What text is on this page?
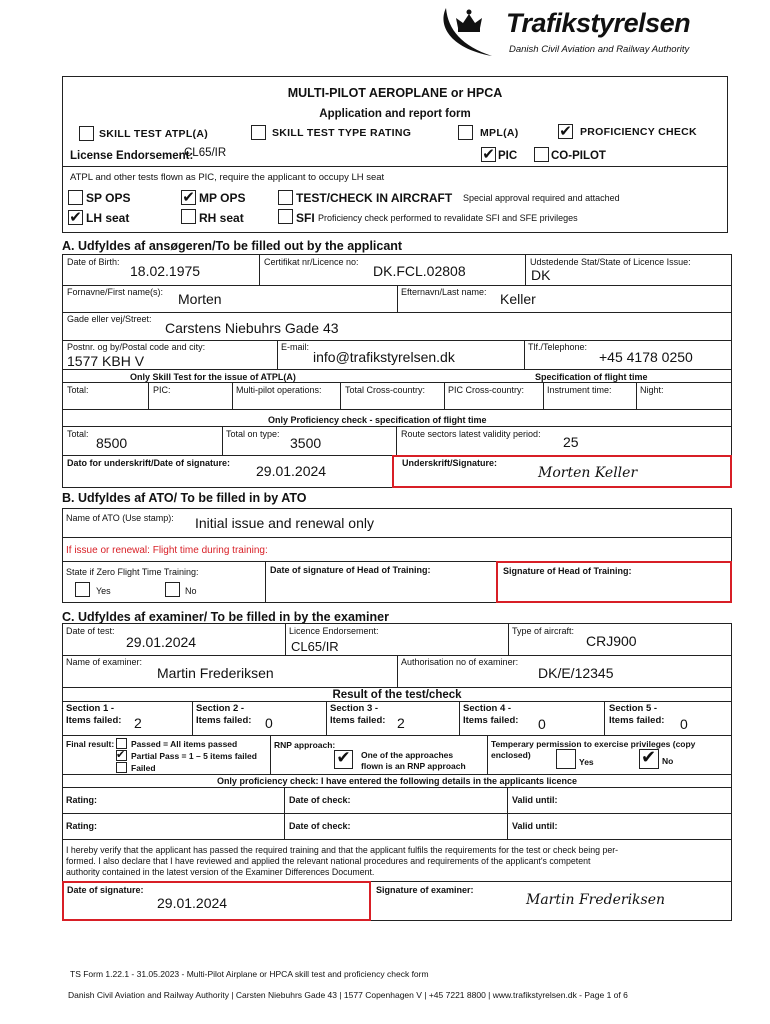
Trafikstyrelsen
Danish Civil Aviation and Railway Authority
MULTI-PILOT AEROPLANE or HPCA
Application and report form
SKILL TEST ATPL(A)	SKILL TEST TYPE RATING	MPL(A)	✔ PROFICIENCY CHECK
License Endorsement:
CL65/IR	✔ PIC	CO-PILOT
ATPL and other tests flown as PIC, require the applicant to occupy LH seat
SP OPS	✔ MP OPS	TEST/CHECK IN AIRCRAFT Special approval required and attached
✔ LH seat	RH seat	SFI Proficiency check performed to revalidate SFI and SFE privileges
A. Udfyldes af ansøgeren/To be filled out by the applicant
Date of Birth:
18.02.1975
Certifikat nr/Licence no:
DK.FCL.02808
Udstedende Stat/State of Licence Issue:
DK
Fornavne/First name(s): Morten	Efternavn/Last name: Keller
Gade eller vej/Street:
Carstens Niebuhrs Gade 43
Postnr. og by/Postal code and city:
1577 KBH V
E-mail:
info@trafikstyrelsen.dk
Tlf./Telephone:
+45 4178 0250
Only Skill Test for the issue of ATPL(A)	Specification of flight time
Total:	PIC:	Multi-pilot operations:	Total Cross-country:	PIC Cross-country:	Instrument time:	Night:
Only Proficiency check - specification of flight time
Total:
8500
Total on type:
3500
Route sectors latest validity period: 25
Dato for underskrift/Date of signature: 29.01.2024	Underskrift/Signature:
Morten Keller
B. Udfyldes af ATO/ To be filled in by ATO
Name of ATO (Use stamp): Initial issue and renewal only
If issue or renewal: Flight time during training:
State if Zero Flight Time Training:
Yes	No
Date of signature of Head of Training:	Signature of Head of Training:
C. Udfyldes af examiner/ To be filled in by the examiner
Date of test:
29.01.2024
Licence Endorsement:
CL65/IR
Type of aircraft:
CRJ900
Name of examiner:
Martin Frederiksen
Authorisation no of examiner:
DK/E/12345
Result of the test/check
Section 1 -
Items failed: 2
Section 2 -
Items failed: 0
Section 3 -
Items failed: 2
Section 4 -
Items failed: 0
Section 5 -
Items failed: 0
Final result: Passed = All items passed
✔ Partial Pass = 1 – 5 items failed
Failed
RNP approach:
✔ One of the approaches
flown is an RNP approach
Temperary permission to exercise privileges (copy
enclosed)
Yes	✔ No
Only proficiency check: I have entered the following details in the applicants licence
Rating:	Date of check:	Valid until:
Rating:	Date of check:	Valid until:
I hereby verify that the applicant has passed the required training and that the applicant fulfils the requirements for the test or check being per-
formed. I also declare that I have reviewed and applied the relevant national procedures and requirements of the applicant's competent
authority contained in the latest version of the Examiner Differences Document.
Date of signature:
29.01.2024
Signature of examiner:
Martin Frederiksen
TS Form 1.22.1 - 31.05.2023 - Multi-Pilot Airplane or HPCA skill test and proficiency check form
Danish Civil Aviation and Railway Authority | Carsten Niebuhrs Gade 43 | 1577 Copenhagen V | +45 7221 8800 | www.trafikstyrelsen.dk - Page 1 of 6
